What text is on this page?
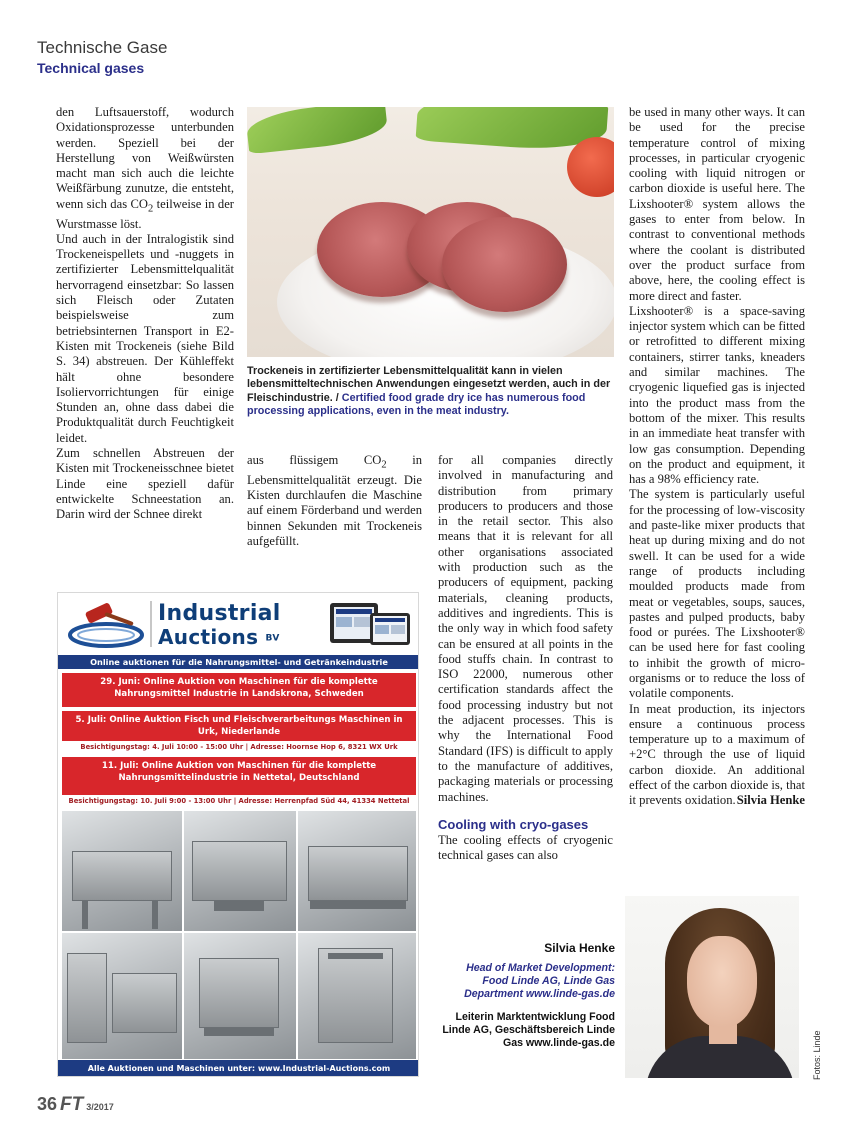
Technische Gase
Technical gases

den Luftsauerstoff, wodurch Oxidationsprozesse unterbunden werden. Speziell bei der Herstellung von Weißwürsten macht man sich auch die leichte Weißfärbung zunutze, die entsteht, wenn sich das $CO_2$ teilweise in der Wurstmasse löst.

Und auch in der Intralogistik sind Trockeneispellets und -nuggets in zertifizierter Lebensmittelqualität hervorragend einsetzbar: So lassen sich Fleisch oder Zutaten beispielsweise zum betriebsinternen Transport in E2-Kisten mit Trockeneis (siehe Bild S. 34) abstreuen. Der Kühleffekt hält ohne besondere Isoliervorrichtungen für einige Stunden an, ohne dass dabei die Produktqualität durch Feuchtigkeit leidet.

Zum schnellen Abstreuen der Kisten mit Trockeneisschnee bietet Linde eine speziell dafür entwickelte Schneestation an. Darin wird der Schnee direkt

Trockeneis in zertifizierter Lebensmittelqualität kann in vielen lebensmitteltechnischen Anwendungen eingesetzt werden, auch in der Fleischindustrie. / Certified food grade dry ice has numerous food processing applications, even in the meat industry.

aus flüssigem $CO_2$ in Lebensmittelqualität erzeugt. Die Kisten durchlaufen die Maschine auf einem Förderband und werden binnen Sekunden mit Trockeneis aufgefüllt.

for all companies directly involved in manufacturing and distribution from primary producers to producers and those in the retail sector. This also means that it is relevant for all other organisations associated with production such as the producers of equipment, packing materials, cleaning products, additives and ingredients. This is the only way in which food safety can be ensured at all points in the food stuffs chain. In contrast to ISO 22000, numerous other certification standards affect the food processing industry but not the adjacent processes. This is why the International Food Standard (IFS) is difficult to apply to the manufacture of additives, packaging materials or processing machines.

Cooling with cryo-gases

The cooling effects of cryogenic technical gases can also

be used in many other ways. It can be used for the precise temperature control of mixing processes, in particular cryogenic cooling with liquid nitrogen or carbon dioxide is useful here. The Lixshooter® system allows the gases to enter from below. In contrast to conventional methods where the coolant is distributed over the product surface from above, here, the cooling effect is more direct and faster.

Lixshooter® is a space-saving injector system which can be fitted or retrofitted to different mixing containers, stirrer tanks, kneaders and similar machines. The cryogenic liquefied gas is injected into the product mass from the bottom of the mixer. This results in an immediate heat transfer with low gas consumption. Depending on the product and equipment, it has a 98% efficiency rate.

The system is particularly useful for the processing of low-viscosity and paste-like mixer products that heat up during mixing and do not swell. It can be used for a wide range of products including moulded products made from meat or vegetables, soups, sauces, pastes and pulped products, baby food or purées. The Lixshooter® can be used here for fast cooling to inhibit the growth of micro-organisms or to reduce the loss of volatile components.

In meat production, its injectors ensure a continuous process temperature up to a maximum of +2°C through the use of liquid carbon dioxide. An additional effect of the carbon dioxide is, that it prevents oxidation. Silvia Henke

Industrial
Auctions BV
Online auktionen für die Nahrungsmittel- und Getränkeindustrie
29. Juni: Online Auktion von Maschinen für die komplette Nahrungsmittel Industrie in Landskrona, Schweden
5. Juli: Online Auktion Fisch und Fleischverarbeitungs Maschinen in Urk, Niederlande
Besichtigungstag: 4. Juli 10:00 - 15:00 Uhr | Adresse: Hoornse Hop 6, 8321 WX Urk
11. Juli: Online Auktion von Maschinen für die komplette Nahrungsmittelindustrie in Nettetal, Deutschland
Besichtigungstag: 10. Juli 9:00 - 13:00 Uhr | Adresse: Herrenpfad Süd 44, 41334 Nettetal
Alle Auktionen und Maschinen unter: www.Industrial-Auctions.com
Silvia Henke
Head of Market Development: Food Linde AG, Linde Gas Department www.linde-gas.de
Leiterin Marktentwicklung Food Linde AG, Geschäftsbereich Linde Gas www.linde-gas.de	Fotos: Linde
36 FT 3/2017
